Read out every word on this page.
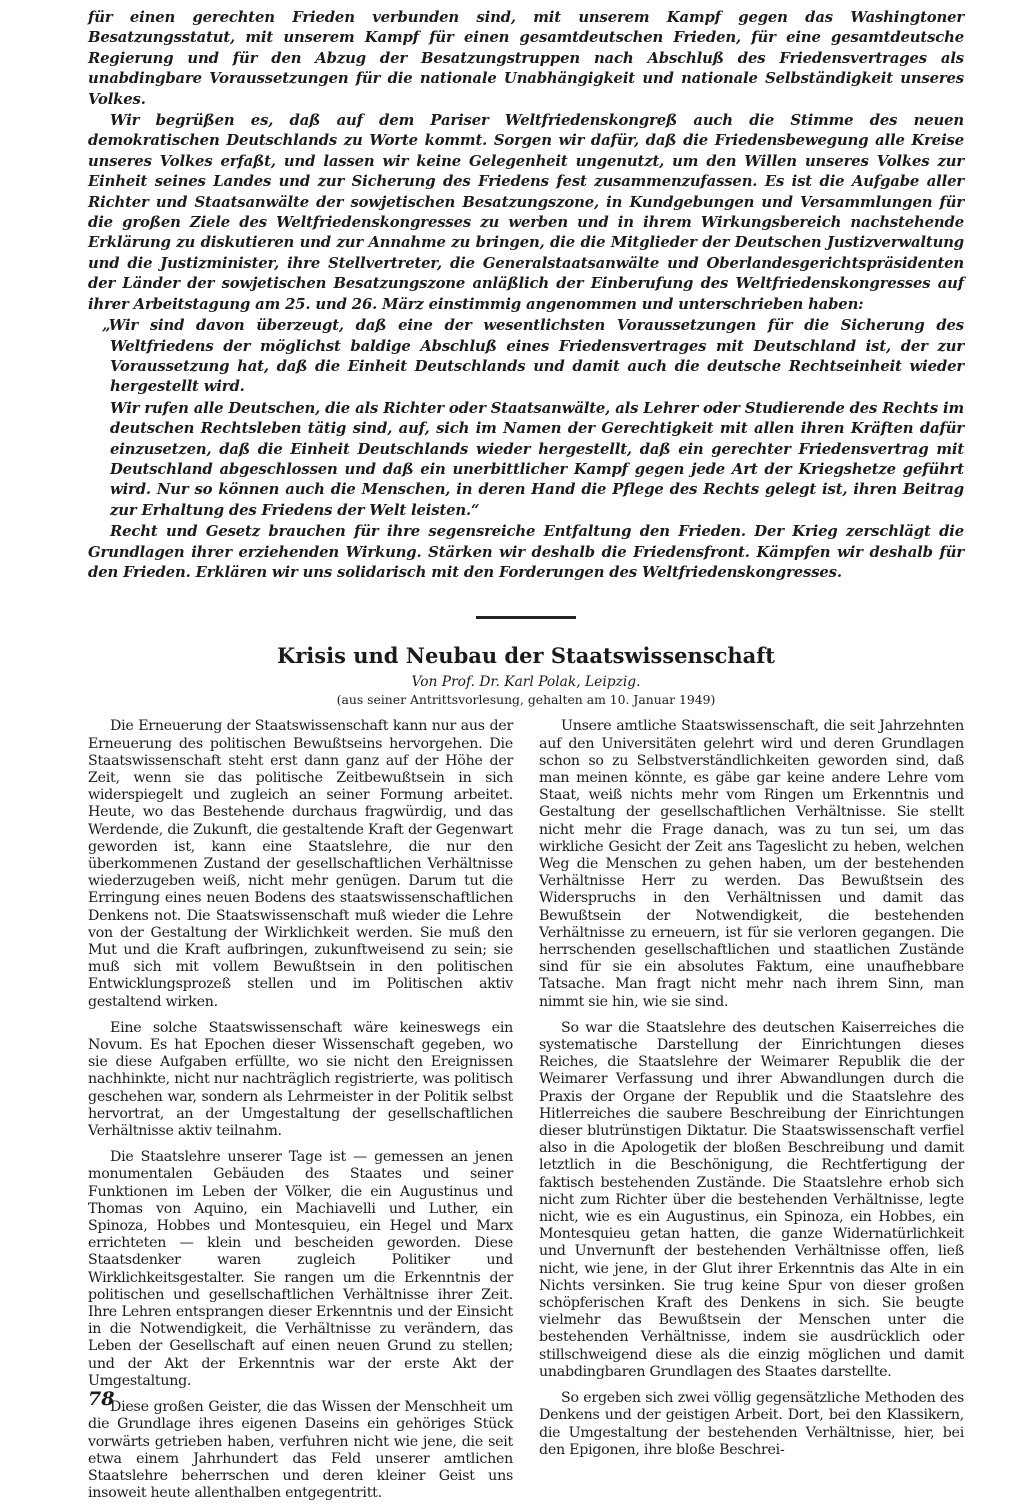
für einen gerechten Frieden verbunden sind, mit unserem Kampf gegen das Washingtoner Besatzungsstatut, mit unserem Kampf für einen gesamtdeutschen Frieden, für eine gesamtdeutsche Regierung und für den Abzug der Besatzungstruppen nach Abschluß des Friedensvertrages als unabdingbare Voraussetzungen für die nationale Unabhängigkeit und nationale Selbständigkeit unseres Volkes.

Wir begrüßen es, daß auf dem Pariser Weltfriedenskongreß auch die Stimme des neuen demokratischen Deutschlands zu Worte kommt. Sorgen wir dafür, daß die Friedensbewegung alle Kreise unseres Volkes erfaßt, und lassen wir keine Gelegenheit ungenutzt, um den Willen unseres Volkes zur Einheit seines Landes und zur Sicherung des Friedens fest zusammenzufassen. Es ist die Aufgabe aller Richter und Staatsanwälte der sowjetischen Besatzungszone, in Kundgebungen und Versammlungen für die großen Ziele des Weltfriedenskongresses zu werben und in ihrem Wirkungsbereich nachstehende Erklärung zu diskutieren und zur Annahme zu bringen, die die Mitglieder der Deutschen Justizverwaltung und die Justizminister, ihre Stellvertreter, die Generalstaatsanwälte und Oberlandesgerichtspräsidenten der Länder der sowjetischen Besatzungszone anläßlich der Einberufung des Weltfriedenskongresses auf ihrer Arbeitstagung am 25. und 26. März einstimmig angenommen und unterschrieben haben:

„Wir sind davon überzeugt, daß eine der wesentlichsten Voraussetzungen für die Sicherung des Weltfriedens der möglichst baldige Abschluß eines Friedensvertrages mit Deutschland ist, der zur Voraussetzung hat, daß die Einheit Deutschlands und damit auch die deutsche Rechtseinheit wieder hergestellt wird.

Wir rufen alle Deutschen, die als Richter oder Staatsanwälte, als Lehrer oder Studierende des Rechts im deutschen Rechtsleben tätig sind, auf, sich im Namen der Gerechtigkeit mit allen ihren Kräften dafür einzusetzen, daß die Einheit Deutschlands wieder hergestellt, daß ein gerechter Friedensvertrag mit Deutschland abgeschlossen und daß ein unerbittlicher Kampf gegen jede Art der Kriegshetze geführt wird. Nur so können auch die Menschen, in deren Hand die Pflege des Rechts gelegt ist, ihren Beitrag zur Erhaltung des Friedens der Welt leisten.“

Recht und Gesetz brauchen für ihre segensreiche Entfaltung den Frieden. Der Krieg zerschlägt die Grundlagen ihrer erziehenden Wirkung. Stärken wir deshalb die Friedensfront. Kämpfen wir deshalb für den Frieden. Erklären wir uns solidarisch mit den Forderungen des Weltfriedenskongresses.

Krisis und Neubau der Staatswissenschaft

Von Prof. Dr. Karl Polak, Leipzig.

(aus seiner Antrittsvorlesung, gehalten am 10. Januar 1949)

Die Erneuerung der Staatswissenschaft kann nur aus der Erneuerung des politischen Bewußtseins hervorgehen. Die Staatswissenschaft steht erst dann ganz auf der Höhe der Zeit, wenn sie das politische Zeitbewußtsein in sich widerspiegelt und zugleich an seiner Formung arbeitet. Heute, wo das Bestehende durchaus fragwürdig, und das Werdende, die Zukunft, die gestaltende Kraft der Gegenwart geworden ist, kann eine Staatslehre, die nur den überkommenen Zustand der gesellschaftlichen Verhältnisse wiederzugeben weiß, nicht mehr genügen. Darum tut die Erringung eines neuen Bodens des staatswissenschaftlichen Denkens not. Die Staatswissenschaft muß wieder die Lehre von der Gestaltung der Wirklichkeit werden. Sie muß den Mut und die Kraft aufbringen, zukunftweisend zu sein; sie muß sich mit vollem Bewußtsein in den politischen Entwicklungsprozeß stellen und im Politischen aktiv gestaltend wirken.

Eine solche Staatswissenschaft wäre keineswegs ein Novum. Es hat Epochen dieser Wissenschaft gegeben, wo sie diese Aufgaben erfüllte, wo sie nicht den Ereignissen nachhinkte, nicht nur nachträglich registrierte, was politisch geschehen war, sondern als Lehrmeister in der Politik selbst hervortrat, an der Umgestaltung der gesellschaftlichen Verhältnisse aktiv teilnahm.

Die Staatslehre unserer Tage ist — gemessen an jenen monumentalen Gebäuden des Staates und seiner Funktionen im Leben der Völker, die ein Augustinus und Thomas von Aquino, ein Machiavelli und Luther, ein Spinoza, Hobbes und Montesquieu, ein Hegel und Marx errichteten — klein und bescheiden geworden. Diese Staatsdenker waren zugleich Politiker und Wirklichkeitsgestalter. Sie rangen um die Erkenntnis der politischen und gesellschaftlichen Verhältnisse ihrer Zeit. Ihre Lehren entsprangen dieser Erkenntnis und der Einsicht in die Notwendigkeit, die Verhältnisse zu verändern, das Leben der Gesellschaft auf einen neuen Grund zu stellen; und der Akt der Erkenntnis war der erste Akt der Umgestaltung.

Diese großen Geister, die das Wissen der Menschheit um die Grundlage ihres eigenen Daseins ein gehöriges Stück vorwärts getrieben haben, verfuhren nicht wie jene, die seit etwa einem Jahrhundert das Feld unserer amtlichen Staatslehre beherrschen und deren kleiner Geist uns insoweit heute allenthalben entgegentritt.

Unsere amtliche Staatswissenschaft, die seit Jahrzehnten auf den Universitäten gelehrt wird und deren Grundlagen schon so zu Selbstverständlichkeiten geworden sind, daß man meinen könnte, es gäbe gar keine andere Lehre vom Staat, weiß nichts mehr vom Ringen um Erkenntnis und Gestaltung der gesellschaftlichen Verhältnisse. Sie stellt nicht mehr die Frage danach, was zu tun sei, um das wirkliche Gesicht der Zeit ans Tageslicht zu heben, welchen Weg die Menschen zu gehen haben, um der bestehenden Verhältnisse Herr zu werden. Das Bewußtsein des Widerspruchs in den Verhältnissen und damit das Bewußtsein der Notwendigkeit, die bestehenden Verhältnisse zu erneuern, ist für sie verloren gegangen. Die herrschenden gesellschaftlichen und staatlichen Zustände sind für sie ein absolutes Faktum, eine unaufhebbare Tatsache. Man fragt nicht mehr nach ihrem Sinn, man nimmt sie hin, wie sie sind.

So war die Staatslehre des deutschen Kaiserreiches die systematische Darstellung der Einrichtungen dieses Reiches, die Staatslehre der Weimarer Republik die der Weimarer Verfassung und ihrer Abwandlungen durch die Praxis der Organe der Republik und die Staatslehre des Hitlerreiches die saubere Beschreibung der Einrichtungen dieser blutrünstigen Diktatur. Die Staatswissenschaft verfiel also in die Apologetik der bloßen Beschreibung und damit letztlich in die Beschönigung, die Rechtfertigung der faktisch bestehenden Zustände. Die Staatslehre erhob sich nicht zum Richter über die bestehenden Verhältnisse, legte nicht, wie es ein Augustinus, ein Spinoza, ein Hobbes, ein Montesquieu getan hatten, die ganze Widernatürlichkeit und Unvernunft der bestehenden Verhältnisse offen, ließ nicht, wie jene, in der Glut ihrer Erkenntnis das Alte in ein Nichts versinken. Sie trug keine Spur von dieser großen schöpferischen Kraft des Denkens in sich. Sie beugte vielmehr das Bewußtsein der Menschen unter die bestehenden Verhältnisse, indem sie ausdrücklich oder stillschweigend diese als die einzig möglichen und damit unabdingbaren Grundlagen des Staates darstellte.

So ergeben sich zwei völlig gegensätzliche Methoden des Denkens und der geistigen Arbeit. Dort, bei den Klassikern, die Umgestaltung der bestehenden Verhältnisse, hier, bei den Epigonen, ihre bloße Beschrei-

78
